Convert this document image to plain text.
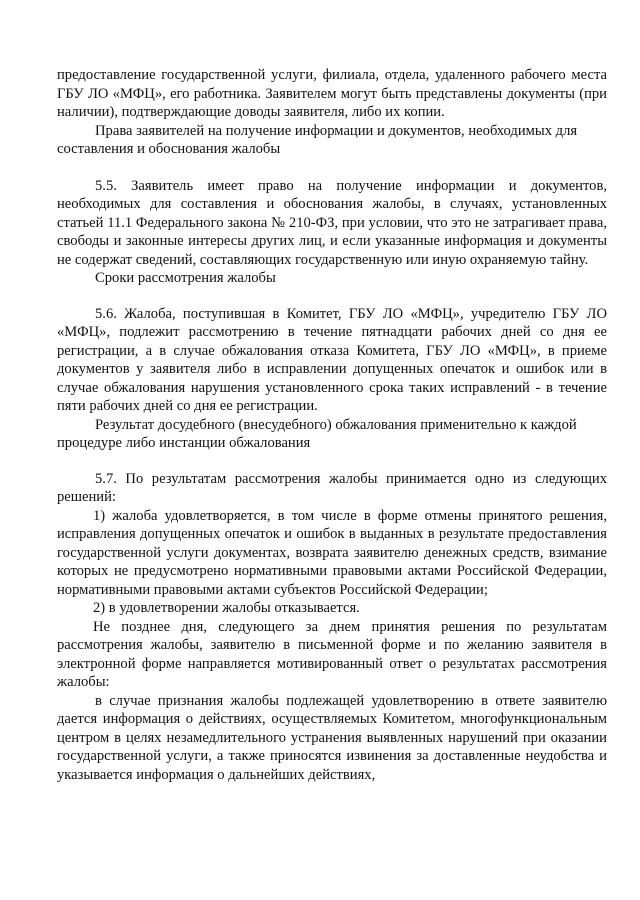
предоставление государственной услуги, филиала, отдела, удаленного рабочего места ГБУ ЛО «МФЦ», его работника. Заявителем могут быть представлены документы (при наличии), подтверждающие доводы заявителя, либо их копии.

Права заявителей на получение информации и документов, необходимых для составления и обоснования жалобы

5.5. Заявитель имеет право на получение информации и документов, необходимых для составления и обоснования жалобы, в случаях, установленных статьей 11.1 Федерального закона № 210-ФЗ, при условии, что это не затрагивает права, свободы и законные интересы других лиц, и если указанные информация и документы не содержат сведений, составляющих государственную или иную охраняемую тайну.

Сроки рассмотрения жалобы

5.6. Жалоба, поступившая в Комитет, ГБУ ЛО «МФЦ», учредителю ГБУ ЛО «МФЦ», подлежит рассмотрению в течение пятнадцати рабочих дней со дня ее регистрации, а в случае обжалования отказа Комитета, ГБУ ЛО «МФЦ», в приеме документов у заявителя либо в исправлении допущенных опечаток и ошибок или в случае обжалования нарушения установленного срока таких исправлений - в течение пяти рабочих дней со дня ее регистрации.

Результат досудебного (внесудебного) обжалования применительно к каждой процедуре либо инстанции обжалования

5.7. По результатам рассмотрения жалобы принимается одно из следующих решений:

1) жалоба удовлетворяется, в том числе в форме отмены принятого решения, исправления допущенных опечаток и ошибок в выданных в результате предоставления государственной услуги документах, возврата заявителю денежных средств, взимание которых не предусмотрено нормативными правовыми актами Российской Федерации, нормативными правовыми актами субъектов Российской Федерации;

2) в удовлетворении жалобы отказывается.

Не позднее дня, следующего за днем принятия решения по результатам рассмотрения жалобы, заявителю в письменной форме и по желанию заявителя в электронной форме направляется мотивированный ответ о результатах рассмотрения жалобы:

в случае признания жалобы подлежащей удовлетворению в ответе заявителю дается информация о действиях, осуществляемых Комитетом, многофункциональным центром в целях незамедлительного устранения выявленных нарушений при оказании государственной услуги, а также приносятся извинения за доставленные неудобства и указывается информация о дальнейших действиях,
